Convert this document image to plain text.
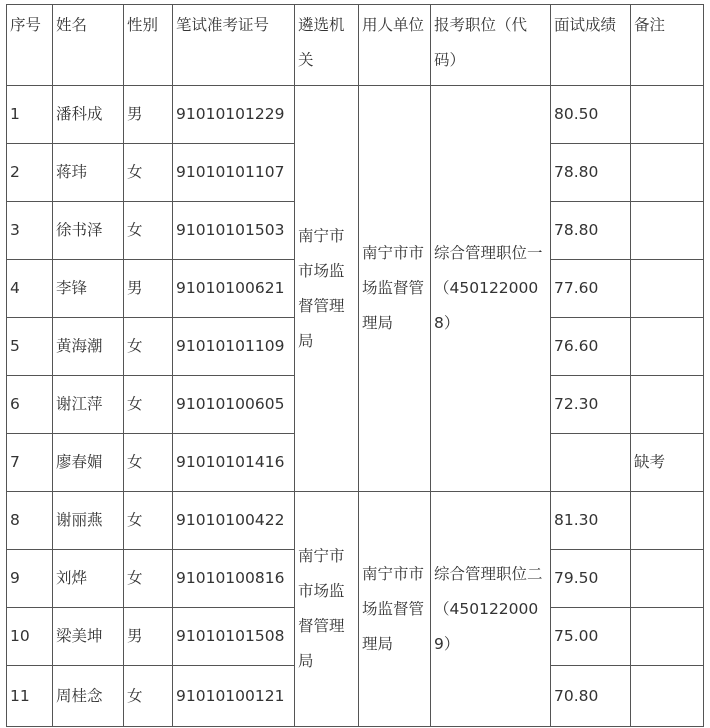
序号	姓名	性别	笔试准考证号	遴选机关	用人单位	报考职位（代码）	面试成绩	备注
1	潘科成	男	91010101229	南宁市市场监督管理局	南宁市市场监督管理局	综合管理职位一（4501220008）	80.50	
2	蒋玮	女	91010101107				78.80	
3	徐书泽	女	91010101503				78.80	
4	李锋	男	91010100621				77.60	
5	黄海潮	女	91010101109				76.60	
6	谢江萍	女	91010100605				72.30	
7	廖春媚	女	91010101416					缺考
8	谢丽燕	女	91010100422	南宁市市场监督管理局	南宁市市场监督管理局	综合管理职位二（4501220009）	81.30	
9	刘烨	女	91010100816				79.50	
10	梁美坤	男	91010101508				75.00	
11	周桂念	女	91010100121				70.80	
